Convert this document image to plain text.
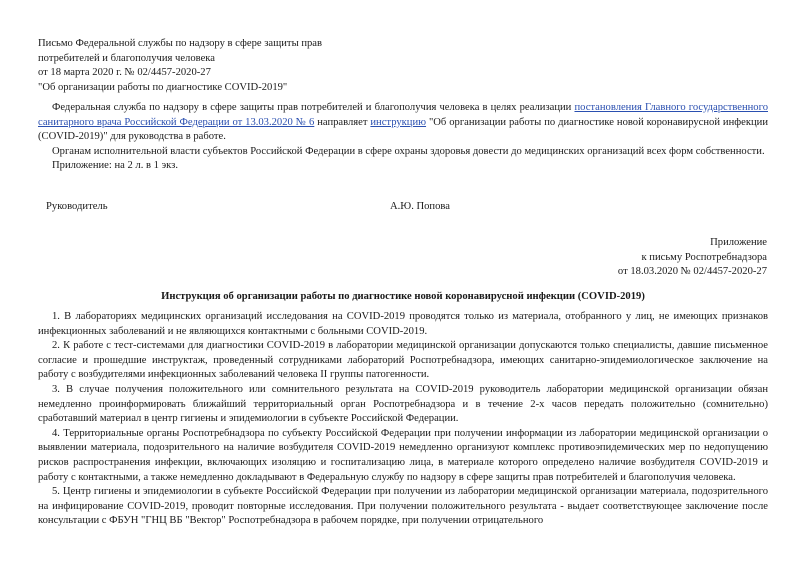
Письмо Федеральной службы по надзору в сфере защиты прав
потребителей и благополучия человека
от 18 марта 2020 г. № 02/4457-2020-27
"Об организации работы по диагностике COVID-2019"

Федеральная служба по надзору в сфере защиты прав потребителей и благополучия человека в целях реализации постановления Главного государственного санитарного врача Российской Федерации от 13.03.2020 № 6 направляет инструкцию "Об организации работы по диагностике новой коронавирусной инфекции (COVID-2019)" для руководства в работе.

Органам исполнительной власти субъектов Российской Федерации в сфере охраны здоровья довести до медицинских организаций всех форм собственности.

Приложение: на 2 л. в 1 экз.

Руководитель	А.Ю. Попова
Приложение
к письму Роспотребнадзора
от 18.03.2020 № 02/4457-2020-27
Инструкция об организации работы по диагностике новой коронавирусной инфекции (COVID-2019)

1. В лабораториях медицинских организаций исследования на COVID-2019 проводятся только из материала, отобранного у лиц, не имеющих признаков инфекционных заболеваний и не являющихся контактными с больными COVID-2019.

2. К работе с тест-системами для диагностики COVID-2019 в лаборатории медицинской организации допускаются только специалисты, давшие письменное согласие и прошедшие инструктаж, проведенный сотрудниками лабораторий Роспотребнадзора, имеющих санитарно-эпидемиологическое заключение на работу с возбудителями инфекционных заболеваний человека II группы патогенности.

3. В случае получения положительного или сомнительного результата на COVID-2019 руководитель лаборатории медицинской организации обязан немедленно проинформировать ближайший территориальный орган Роспотребнадзора и в течение 2-х часов передать положительно (сомнительно) сработавший материал в центр гигиены и эпидемиологии в субъекте Российской Федерации.

4. Территориальные органы Роспотребнадзора по субъекту Российской Федерации при получении информации из лаборатории медицинской организации о выявлении материала, подозрительного на наличие возбудителя COVID-2019 немедленно организуют комплекс противоэпидемических мер по недопущению рисков распространения инфекции, включающих изоляцию и госпитализацию лица, в материале которого определено наличие возбудителя COVID-2019 и работу с контактными, а также немедленно докладывают в Федеральную службу по надзору в сфере защиты прав потребителей и благополучия человека.

5. Центр гигиены и эпидемиологии в субъекте Российской Федерации при получении из лаборатории медицинской организации материала, подозрительного на инфицирование COVID-2019, проводит повторные исследования. При получении положительного результата - выдает соответствующее заключение после консультации с ФБУН "ГНЦ ВБ "Вектор" Роспотребнадзора в рабочем порядке, при получении отрицательного
